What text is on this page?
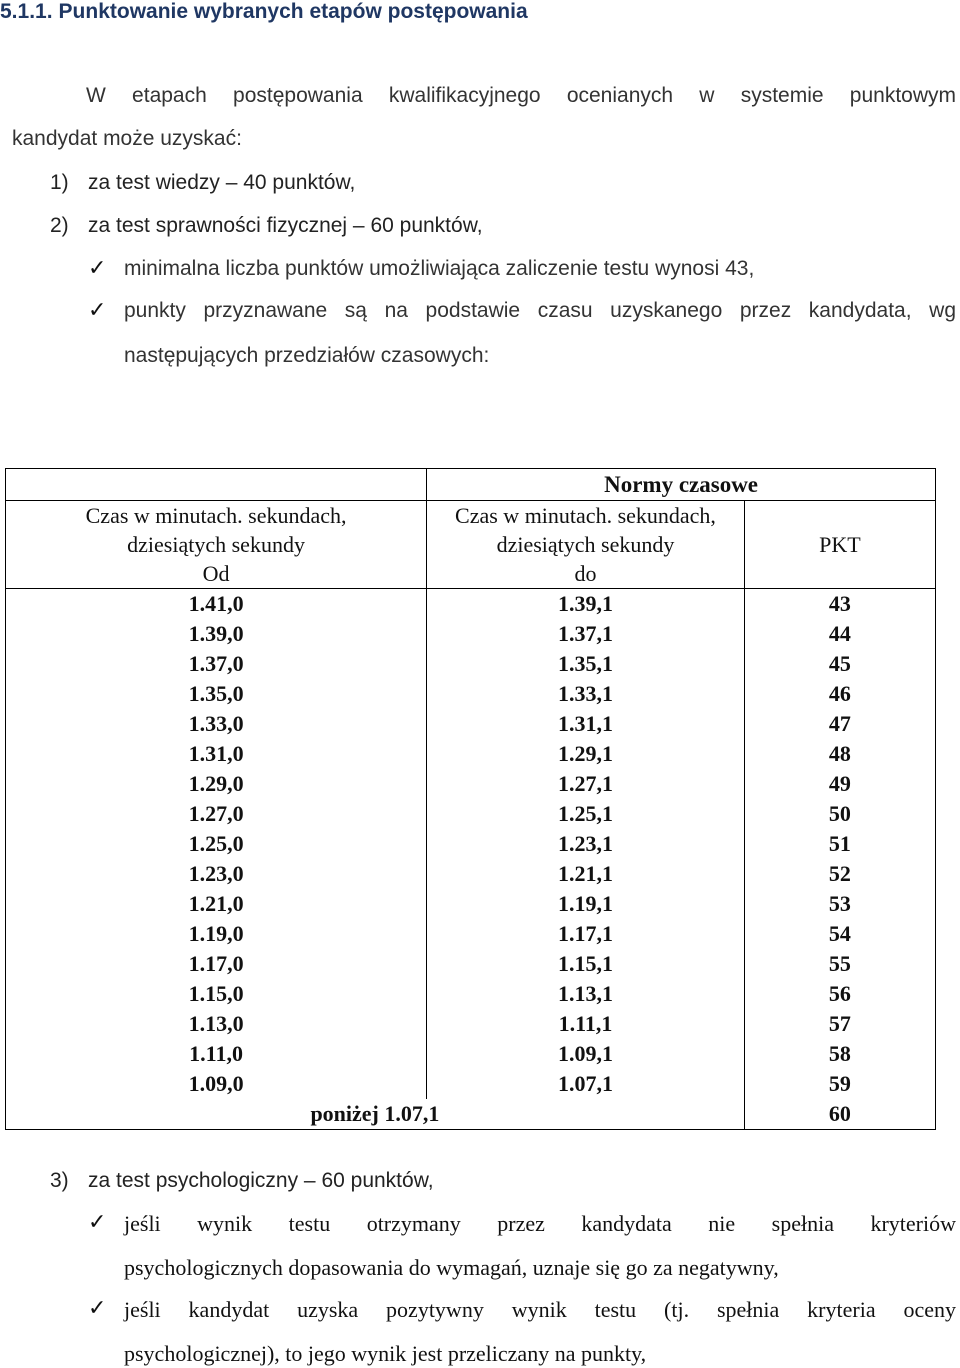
5.1.1. Punktowanie wybranych etapów postępowania
W etapach postępowania kwalifikacyjnego ocenianych w systemie punktowym
kandydat może uzyskać:
1) za test wiedzy – 40 punktów,
2) za test sprawności fizycznej – 60 punktów,
✓ minimalna liczba punktów umożliwiająca zaliczenie testu wynosi 43,
✓ punkty przyznawane są na podstawie czasu uzyskanego przez kandydata, wg
następujących przedziałów czasowych:
	Normy czasowe	
Czas w minutach. sekundach,	Czas w minutach. sekundach,	PKT
dziesiątych sekundy	dziesiątych sekundy	
Od	do	
1.41,0	1.39,1	43
1.39,0	1.37,1	44
1.37,0	1.35,1	45
1.35,0	1.33,1	46
1.33,0	1.31,1	47
1.31,0	1.29,1	48
1.29,0	1.27,1	49
1.27,0	1.25,1	50
1.25,0	1.23,1	51
1.23,0	1.21,1	52
1.21,0	1.19,1	53
1.19,0	1.17,1	54
1.17,0	1.15,1	55
1.15,0	1.13,1	56
1.13,0	1.11,1	57
1.11,0	1.09,1	58
1.09,0	1.07,1	59
poniżej 1.07,1		60
3) za test psychologiczny – 60 punktów,
✓ jeśli wynik testu otrzymany przez kandydata nie spełnia kryteriów
psychologicznych dopasowania do wymagań, uznaje się go za negatywny,
✓ jeśli kandydat uzyska pozytywny wynik testu (tj. spełnia kryteria oceny
psychologicznej), to jego wynik jest przeliczany na punkty,
